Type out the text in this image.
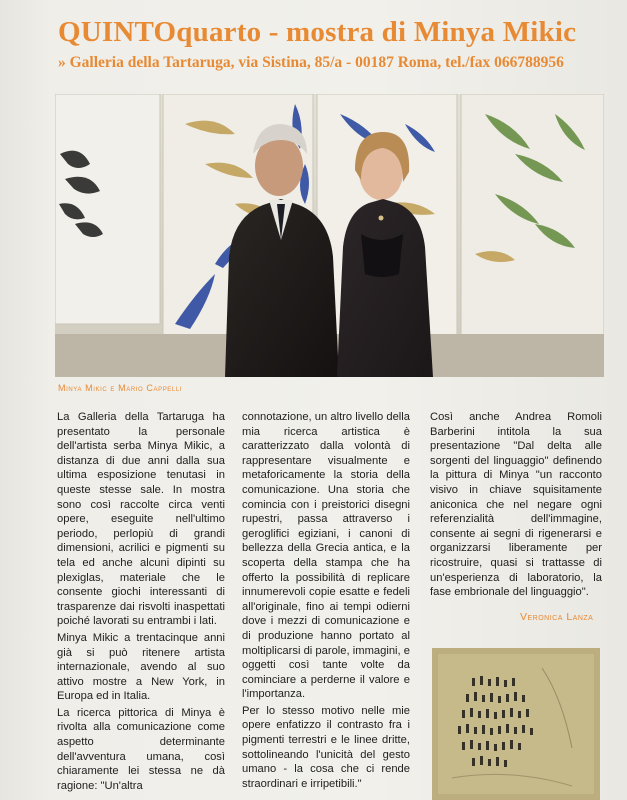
QUINTOquarto - mostra di Minya Mikic
» Galleria della Tartaruga, via Sistina, 85/a - 00187 Roma, tel./fax 066788956
Minya Mikic e Mario Cappelli

La Galleria della Tartaruga ha presentato la personale dell'artista serba Minya Mikic, a distanza di due anni dalla sua ultima esposizione tenutasi in queste stesse sale. In mostra sono così raccolte circa venti opere, eseguite nell'ultimo periodo, perlopiù di grandi dimensioni, acrilici e pigmenti su tela ed anche alcuni dipinti su plexiglas, materiale che le consente giochi interessanti di trasparenze dai risvolti inaspettati poiché lavorati su entrambi i lati.

Minya Mikic a trentacinque anni già si può ritenere artista internazionale, avendo al suo attivo mostre a New York, in Europa ed in Italia.

La ricerca pittorica di Minya è rivolta alla comunicazione come aspetto determinante dell'avventura umana, così chiaramente lei stessa ne dà ragione: "Un'altra

connotazione, un altro livello della mia ricerca artistica è caratterizzato dalla volontà di rappresentare visualmente e metaforicamente la storia della comunicazione. Una storia che comincia con i preistorici disegni rupestri, passa attraverso i geroglifici egiziani, i canoni di bellezza della Grecia antica, e la scoperta della stampa che ha offerto la possibilità di replicare innumerevoli copie esatte e fedeli all'originale, fino ai tempi odierni dove i mezzi di comunicazione e di produzione hanno portato al moltiplicarsi di parole, immagini, e oggetti così tante volte da cominciare a perderne il valore e l'importanza.

Per lo stesso motivo nelle mie opere enfatizzo il contrasto fra i pigmenti terrestri e le linee dritte, sottolineando l'unicità del gesto umano - la cosa che ci rende straordinari e irripetibili."

Così anche Andrea Romoli Barberini intitola la sua presentazione "Dal delta alle sorgenti del linguaggio" definendo la pittura di Minya "un racconto visivo in chiave squisitamente aniconica che nel negare ogni referenzialità dell'immagine, consente ai segni di rigenerarsi e organizzarsi liberamente per ricostruire, quasi si trattasse di un'esperienza di laboratorio, la fase embrionale del linguaggio".

Veronica Lanza
